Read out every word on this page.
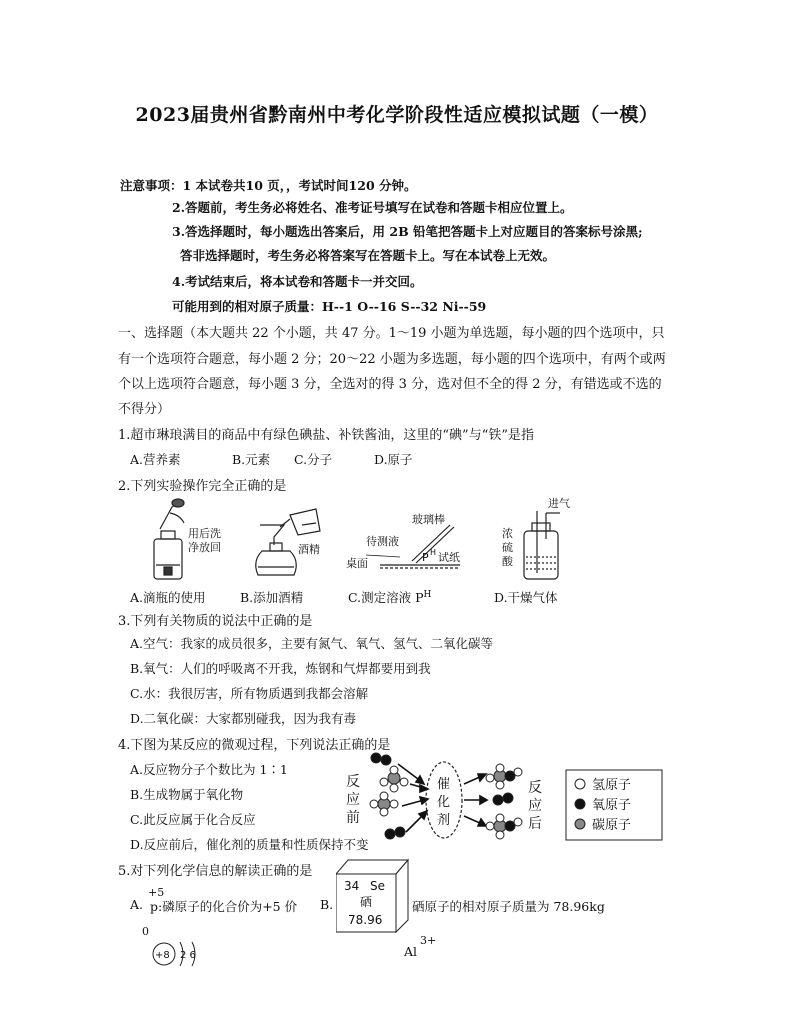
2023届贵州省黔南州中考化学阶段性适应模拟试题（一模）
注意事项：1 本试卷共10 页，，考试时间120 分钟。
2.答题前，考生务必将姓名、准考证号填写在试卷和答题卡相应位置上。
3.答选择题时，每小题选出答案后，用 2B 铅笔把答题卡上对应题目的答案标号涂黑;
答非选择题时，考生务必将答案写在答题卡上。写在本试卷上无效。
4.考试结束后，将本试卷和答题卡一并交回。
可能用到的相对原子质量：H--1 O--16 S--32 Ni--59
一、选择题（本大题共 22 个小题，共 47 分。1～19 小题为单选题，每小题的四个选项中，只
有一个选项符合题意，每小题 2 分；20～22 小题为多选题，每小题的四个选项中，有两个或两
个以上选项符合题意，每小题 3 分，全选对的得 3 分，选对但不全的得 2 分，有错选或不选的
不得分）
1.超市琳琅满目的商品中有绿色碘盐、补铁酱油，这里的“碘”与“铁”是指
A.营养素	B.元素 C.分子	D.原子
2.下列实验操作完全正确的是
用后洗
净放回	酒精
玻璃棒
待测液
桌面	P H 试纸
进气
浓
硫
酸
A.滴瓶的使用	B.添加酒精	C.测定溶液 $P^H$	D.干燥气体
3.下列有关物质的说法中正确的是
A.空气：我家的成员很多，主要有氮气、氧气、氢气、二氧化碳等
B.氧气：人们的呼吸离不开我，炼钢和气焊都要用到我
C.水：我很厉害，所有物质遇到我都会溶解
D.二氧化碳：大家都别碰我，因为我有毒
4.下图为某反应的微观过程，下列说法正确的是
A.反应物分子个数比为 1∶1
B.生成物属于氧化物
C.此反应属于化合反应
D.反应前后，催化剂的质量和性质保持不变
反
应
前
催
化
剂
反
应
后
氢原子
氧原子
碳原子
5.对下列化学信息的解读正确的是
A.
+5
p:磷原子的化合价为+5 价 B.
34 Se
硒
78.96
硒原子的相对原子质量为 78.96kg
0
+8 2 6	Al
3+
